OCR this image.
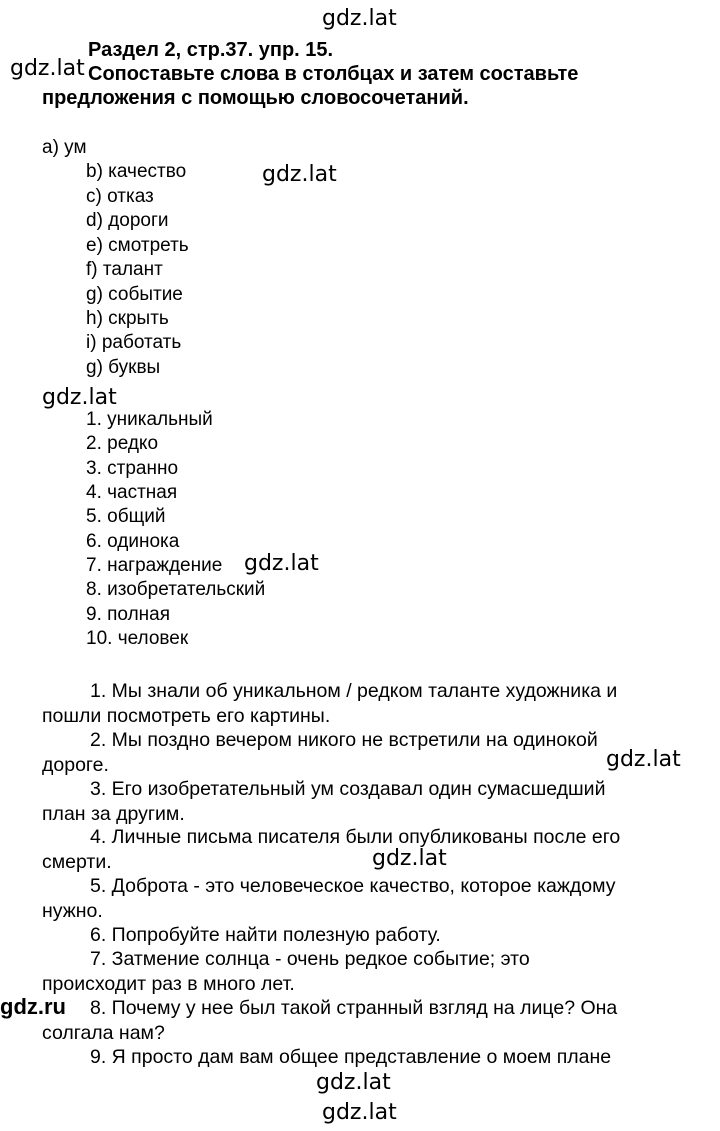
gdz.lat
gdz.lat
Раздел 2, стр.37. упр. 15.
Сопоставьте слова в столбцах и затем составьте
предложения с помощью словосочетаний.
а) ум
b) качество
c) отказ
d) дороги
e) смотреть
f) талант
g) событие
h) скрыть
i) работать
g) буквы
gdz.lat
gdz.lat
1. уникальный
2. редко
3. странно
4. частная
5. общий
6. одинока
7. награждение
8. изобретательский
9. полная
10. человек
gdz.lat
1. Мы знали об уникальном / редком таланте художника и
пошли посмотреть его картины.
2. Мы поздно вечером никого не встретили на одинокой
дороге.
3. Его изобретательный ум создавал один сумасшедший
план за другим.
4. Личные письма писателя были опубликованы после его
смерти.
5. Доброта - это человеческое качество, которое каждому
нужно.
6. Попробуйте найти полезную работу.
7. Затмение солнца - очень редкое событие; это
происходит раз в много лет.
8. Почему у нее был такой странный взгляд на лице? Она
солгала нам?
9. Я просто дам вам общее представление о моем плане
gdz.lat
gdz.lat
gdz.ru
gdz.lat
gdz.lat
